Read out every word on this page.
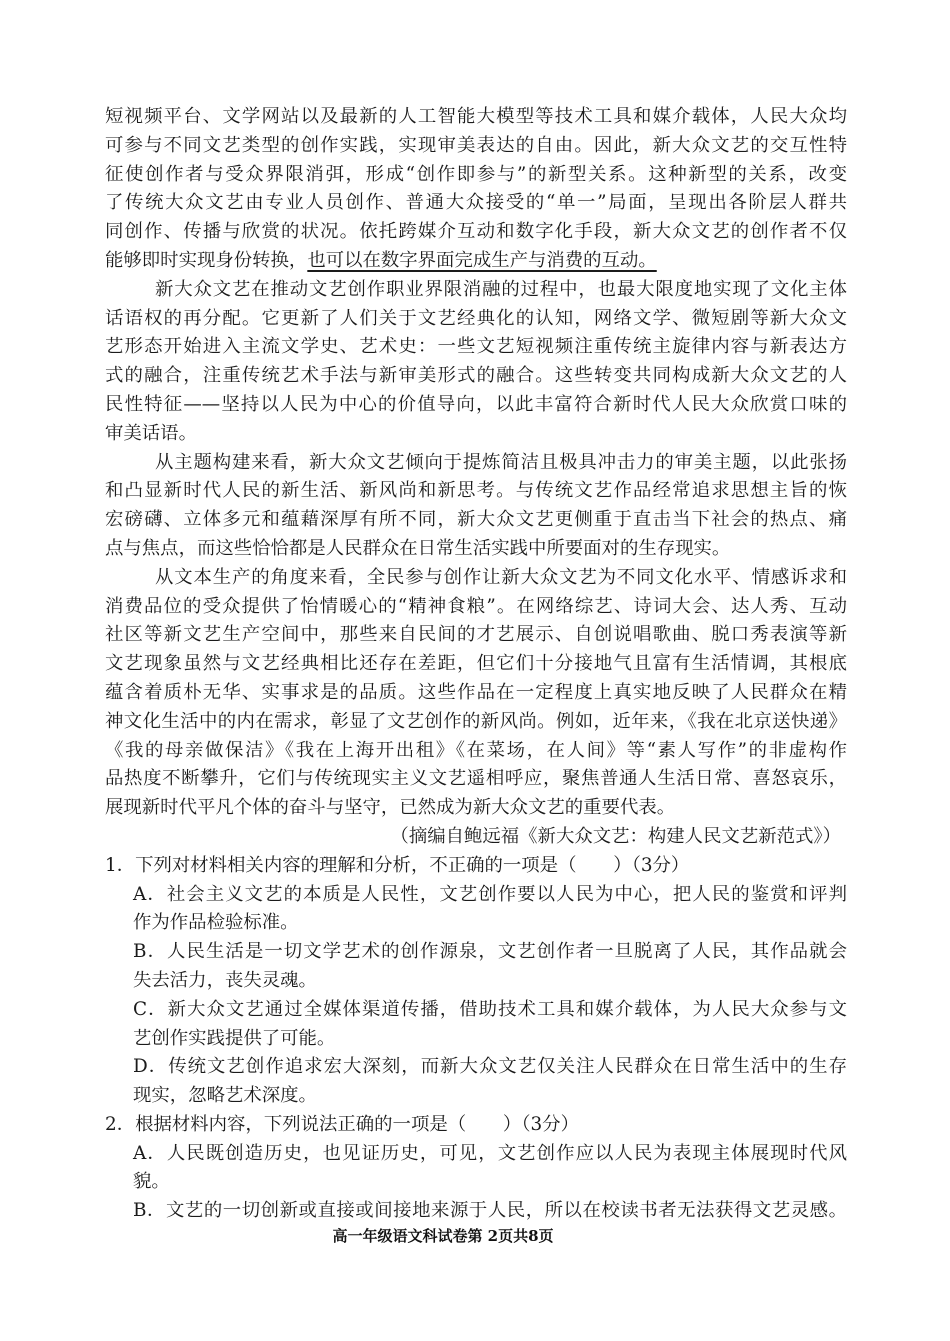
短视频平台、文学网站以及最新的人工智能大模型等技术工具和媒介载体，人民大众均
可参与不同文艺类型的创作实践，实现审美表达的自由。因此，新大众文艺的交互性特
征使创作者与受众界限消弭，形成“创作即参与”的新型关系。这种新型的关系，改变
了传统大众文艺由专业人员创作、普通大众接受的“单一”局面，呈现出各阶层人群共
同创作、传播与欣赏的状况。依托跨媒介互动和数字化手段，新大众文艺的创作者不仅
能够即时实现身份转换，也可以在数字界面完成生产与消费的互动。
新大众文艺在推动文艺创作职业界限消融的过程中，也最大限度地实现了文化主体
话语权的再分配。它更新了人们关于文艺经典化的认知，网络文学、微短剧等新大众文
艺形态开始进入主流文学史、艺术史：一些文艺短视频注重传统主旋律内容与新表达方
式的融合，注重传统艺术手法与新审美形式的融合。这些转变共同构成新大众文艺的人
民性特征——坚持以人民为中心的价值导向，以此丰富符合新时代人民大众欣赏口味的
审美话语。
从主题构建来看，新大众文艺倾向于提炼简洁且极具冲击力的审美主题，以此张扬
和凸显新时代人民的新生活、新风尚和新思考。与传统文艺作品经常追求思想主旨的恢
宏磅礴、立体多元和蕴藉深厚有所不同，新大众文艺更侧重于直击当下社会的热点、痛
点与焦点，而这些恰恰都是人民群众在日常生活实践中所要面对的生存现实。
从文本生产的角度来看，全民参与创作让新大众文艺为不同文化水平、情感诉求和
消费品位的受众提供了怡情暖心的“精神食粮”。在网络综艺、诗词大会、达人秀、互动
社区等新文艺生产空间中，那些来自民间的才艺展示、自创说唱歌曲、脱口秀表演等新
文艺现象虽然与文艺经典相比还存在差距，但它们十分接地气且富有生活情调，其根底
蕴含着质朴无华、实事求是的品质。这些作品在一定程度上真实地反映了人民群众在精
神文化生活中的内在需求，彰显了文艺创作的新风尚。例如，近年来，《我在北京送快递》
《我的母亲做保洁》《我在上海开出租》《在菜场，在人间》等“素人写作”的非虚构作
品热度不断攀升，它们与传统现实主义文艺遥相呼应，聚焦普通人生活日常、喜怒哀乐，
展现新时代平凡个体的奋斗与坚守，已然成为新大众文艺的重要代表。
（摘编自鲍远福《新大众文艺：构建人民文艺新范式》）
1．下列对材料相关内容的理解和分析，不正确的一项是（　　）（3分）
A．社会主义文艺的本质是人民性，文艺创作要以人民为中心，把人民的鉴赏和评判
作为作品检验标准。
B．人民生活是一切文学艺术的创作源泉，文艺创作者一旦脱离了人民，其作品就会
失去活力，丧失灵魂。
C．新大众文艺通过全媒体渠道传播，借助技术工具和媒介载体，为人民大众参与文
艺创作实践提供了可能。
D．传统文艺创作追求宏大深刻，而新大众文艺仅关注人民群众在日常生活中的生存
现实，忽略艺术深度。
2．根据材料内容，下列说法正确的一项是（　　）（3分）
A．人民既创造历史，也见证历史，可见，文艺创作应以人民为表现主体展现时代风
貌。
B．文艺的一切创新或直接或间接地来源于人民，所以在校读书者无法获得文艺灵感。
高一年级语文科试卷第 2页共8页
